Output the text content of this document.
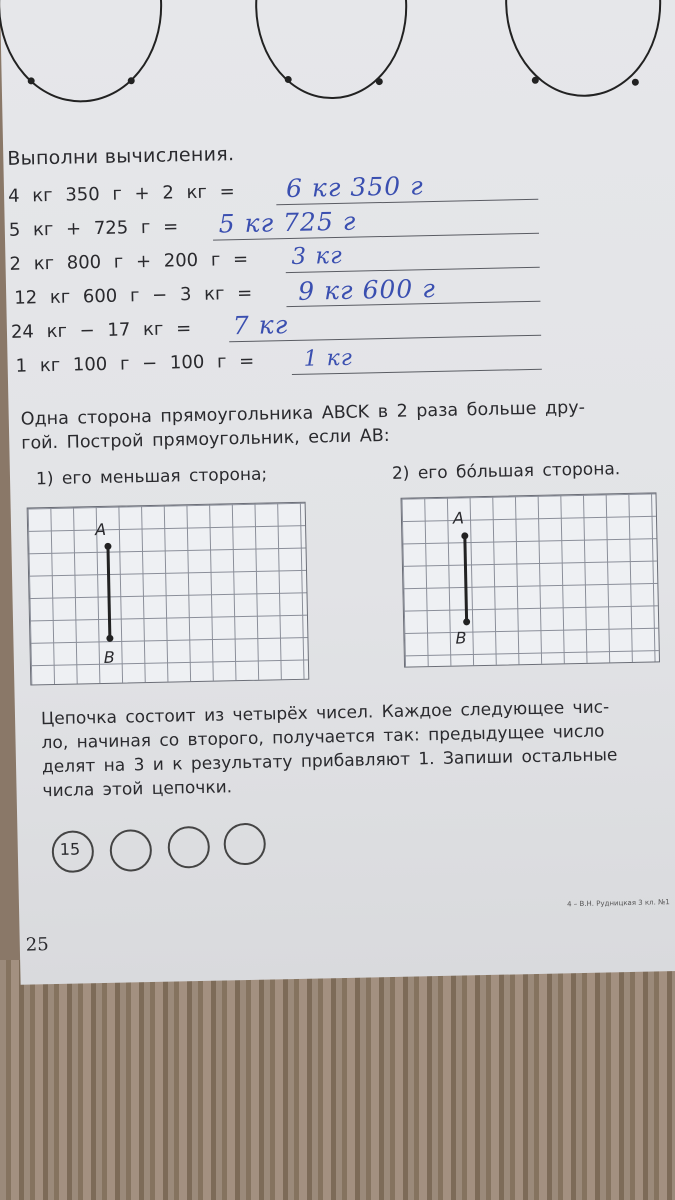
Выполни вычисления.
4 кг 350 г + 2 кг = 6 кг 350 г
5 кг + 725 г = 5 кг 725 г
2 кг 800 г + 200 г = 3 кг
12 кг 600 г − 3 кг = 9 кг 600 г
24 кг − 17 кг = 7 кг
1 кг 100 г − 100 г = 1 кг
Одна сторона прямоугольника ABCK в 2 раза больше дру-
гой. Построй прямоугольник, если AB:
1) его меньшая сторона;	2) его бóльшая сторона.
A
B
A
B
Цепочка состоит из четырёх чисел. Каждое следующее чис-
ло, начиная со второго, получается так: предыдущее число
делят на 3 и к результату прибавляют 1. Запиши остальные
числа этой цепочки.
15
25
4 – В.Н. Рудницкая 3 кл. №1
